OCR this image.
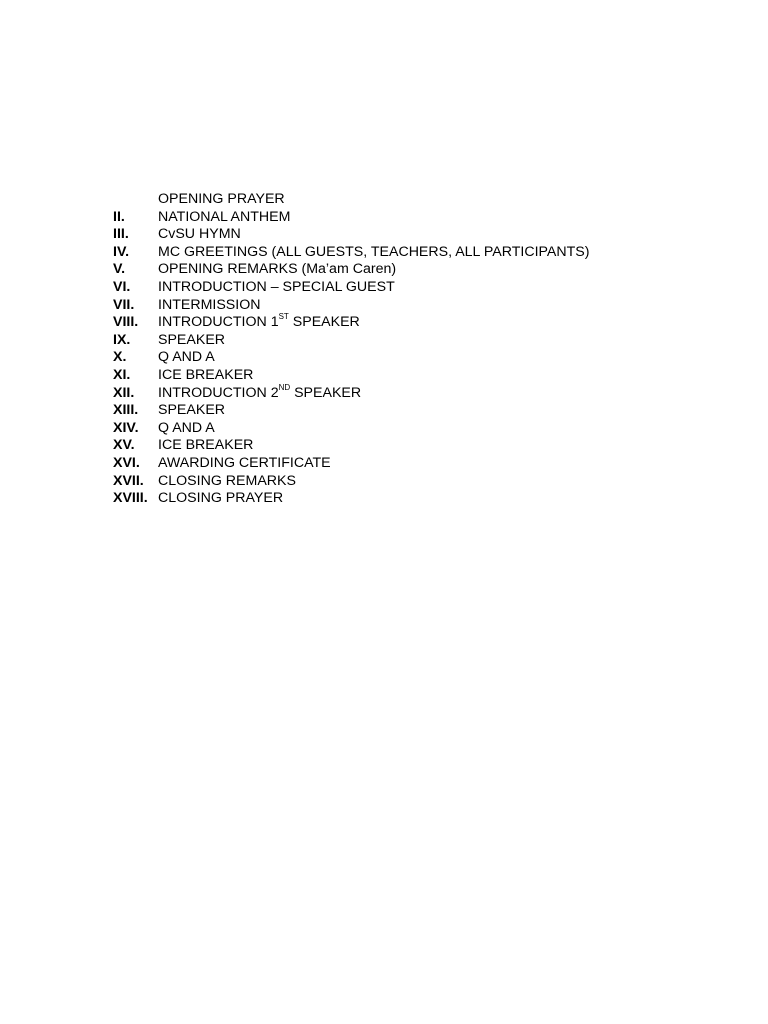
OPENING PRAYER
II.	NATIONAL ANTHEM
III.	CvSU HYMN
IV.	MC GREETINGS (ALL GUESTS, TEACHERS, ALL PARTICIPANTS)
V.	OPENING REMARKS (Ma’am Caren)
VI.	INTRODUCTION – SPECIAL GUEST
VII.	INTERMISSION
VIII.	INTRODUCTION 1ST SPEAKER
IX.	SPEAKER
X.	Q AND A
XI.	ICE BREAKER
XII.	INTRODUCTION 2ND SPEAKER
XIII.	SPEAKER
XIV.	Q AND A
XV.	ICE BREAKER
XVI.	AWARDING CERTIFICATE
XVII.	CLOSING REMARKS
XVIII. CLOSING PRAYER
